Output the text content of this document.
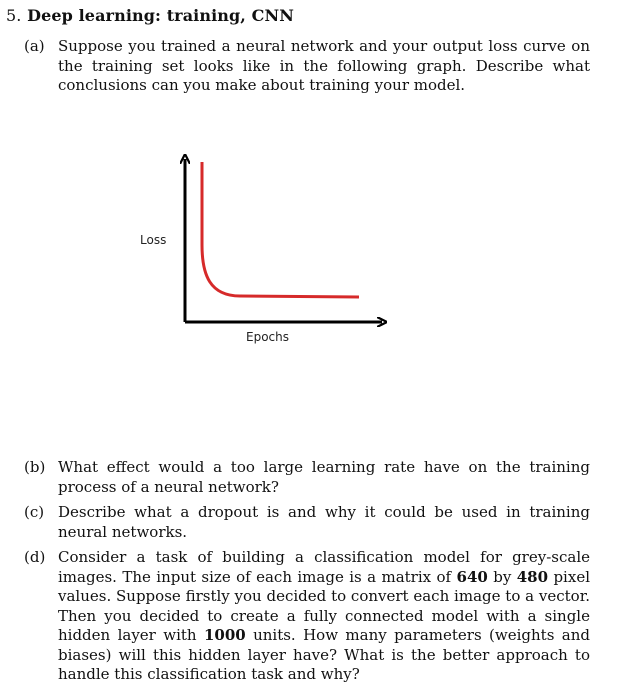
5. Deep learning: training, CNN
(a) Suppose you trained a neural network and your output loss curve on the training set looks like in the following graph. Describe what conclusions can you make about training your model.
Loss
Epochs
(b) What effect would a too large learning rate have on the training process of a neural network?
(c) Describe what a dropout is and why it could be used in training neural networks.
(d) Consider a task of building a classification model for grey-scale images. The input size of each image is a matrix of 640 by 480 pixel values. Suppose firstly you decided to convert each image to a vector. Then you decided to create a fully connected model with a single hidden layer with 1000 units. How many parameters (weights and biases) will this hidden layer have? What is the better approach to handle this classification task and why?
